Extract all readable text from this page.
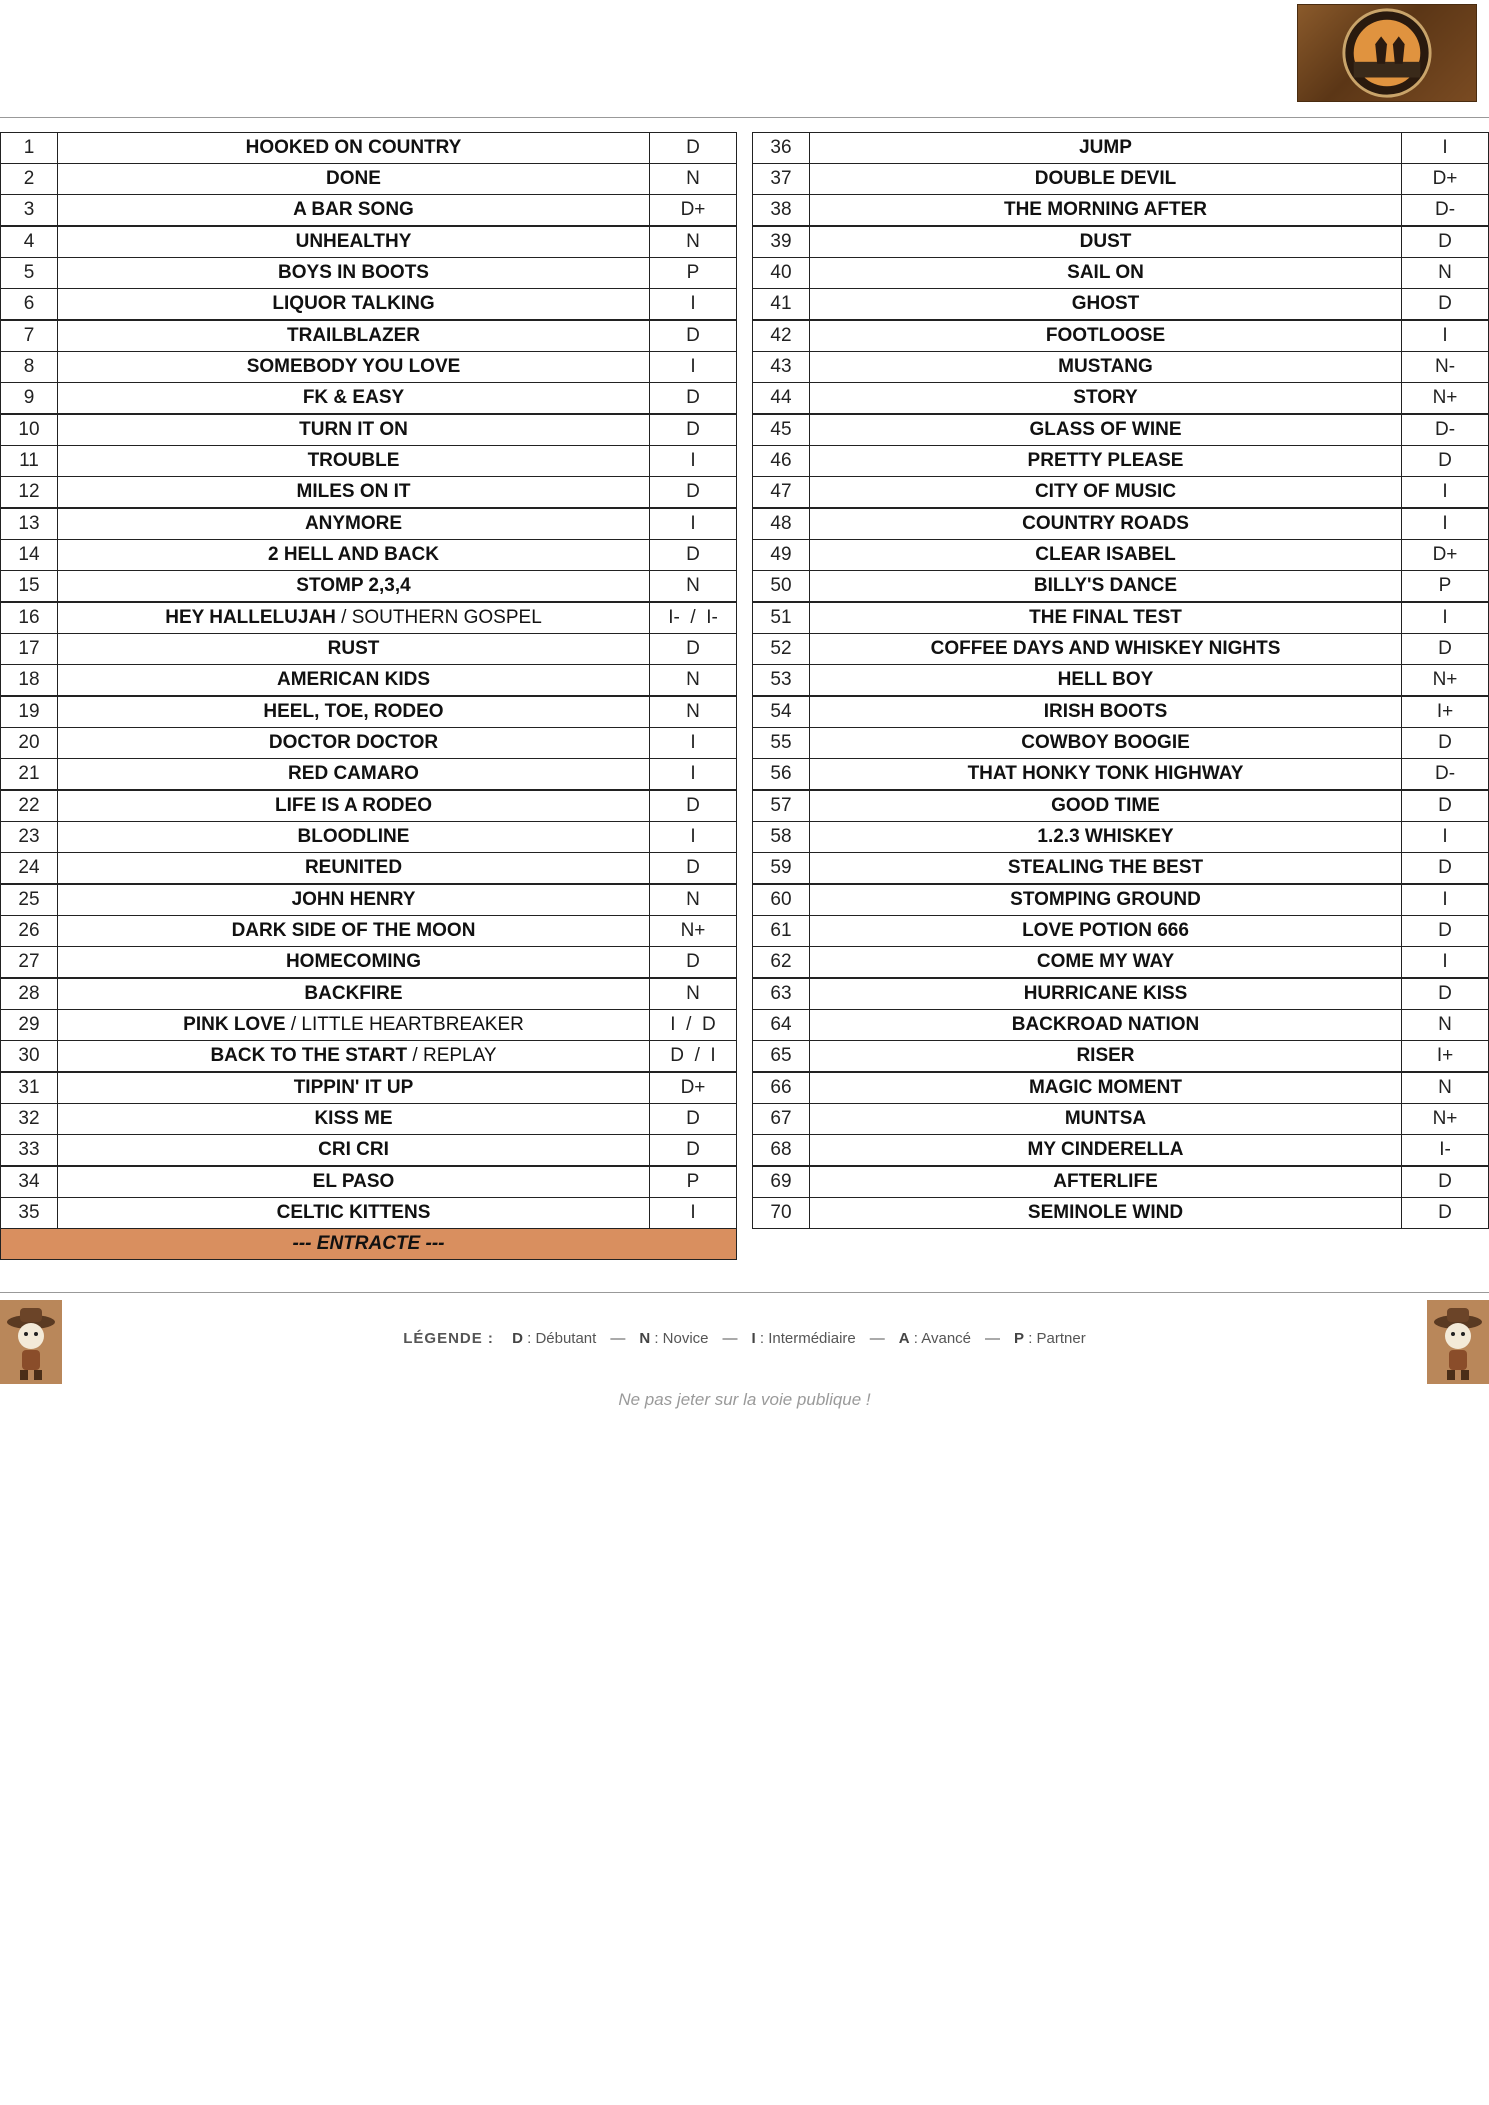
1	HOOKED ON COUNTRY	D
2	DONE	N
3	A BAR SONG	D+
4	UNHEALTHY	N
5	BOYS IN BOOTS	P
6	LIQUOR TALKING	I
7	TRAILBLAZER	D
8	SOMEBODY YOU LOVE	I
9	FK & EASY	D
10	TURN IT ON	D
11	TROUBLE	I
12	MILES ON IT	D
13	ANYMORE	I
14	2 HELL AND BACK	D
15	STOMP 2,3,4	N
16	HEY HALLELUJAH / SOUTHERN GOSPEL	I-  /  I-
17	RUST	D
18	AMERICAN KIDS	N
19	HEEL, TOE, RODEO	N
20	DOCTOR DOCTOR	I
21	RED CAMARO	I
22	LIFE IS A RODEO	D
23	BLOODLINE	I
24	REUNITED	D
25	JOHN HENRY	N
26	DARK SIDE OF THE MOON	N+
27	HOMECOMING	D
28	BACKFIRE	N
29	PINK LOVE / LITTLE HEARTBREAKER	I  /  D
30	BACK TO THE START / REPLAY	D  /  I
31	TIPPIN' IT UP	D+
32	KISS ME	D
33	CRI CRI	D
34	EL PASO	P
35	CELTIC KITTENS	I
--- ENTRACTE ---		
36	JUMP	I
37	DOUBLE DEVIL	D+
38	THE MORNING AFTER	D-
39	DUST	D
40	SAIL ON	N
41	GHOST	D
42	FOOTLOOSE	I
43	MUSTANG	N-
44	STORY	N+
45	GLASS OF WINE	D-
46	PRETTY PLEASE	D
47	CITY OF MUSIC	I
48	COUNTRY ROADS	I
49	CLEAR ISABEL	D+
50	BILLY'S DANCE	P
51	THE FINAL TEST	I
52	COFFEE DAYS AND WHISKEY NIGHTS	D
53	HELL BOY	N+
54	IRISH BOOTS	I+
55	COWBOY BOOGIE	D
56	THAT HONKY TONK HIGHWAY	D-
57	GOOD TIME	D
58	1.2.3 WHISKEY	I
59	STEALING THE BEST	D
60	STOMPING GROUND	I
61	LOVE POTION 666	D
62	COME MY WAY	I
63	HURRICANE KISS	D
64	BACKROAD NATION	N
65	RISER	I+
66	MAGIC MOMENT	N
67	MUNTSA	N+
68	MY CINDERELLA	I-
69	AFTERLIFE	D
70	SEMINOLE WIND	D
LÉGENDE : D : Débutant — N : Novice — I : Intermédiaire — A : Avancé — P : Partner
Ne pas jeter sur la voie publique !
